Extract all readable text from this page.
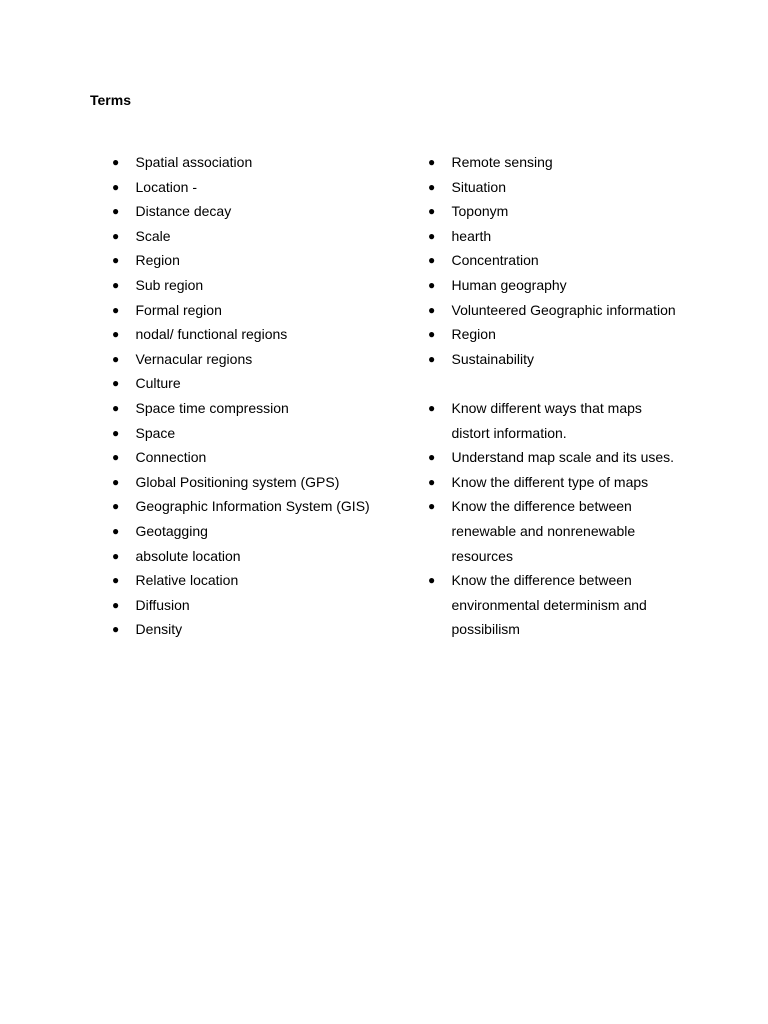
Terms
●	Spatial association
●	Location -
●	Distance decay
●	Scale
●	Region
●	Sub region
●	Formal region
●	nodal/ functional regions
●	Vernacular regions
●	Culture
●	Space time compression
●	Space
●	Connection
●	Global Positioning system (GPS)
●	Geographic Information System (GIS)
●	Geotagging
●	absolute location
●	Relative location
●	Diffusion
●	Density
●	Remote sensing
●	Situation
●	Toponym
●	hearth
●	Concentration
●	Human geography
●	Volunteered Geographic information
●	Region
●	Sustainability
●	Know different ways that maps distort information.
●	Understand map scale and its uses.
●	Know the different type of maps
●	Know the difference between renewable and nonrenewable resources
●	Know the difference between environmental determinism and possibilism
